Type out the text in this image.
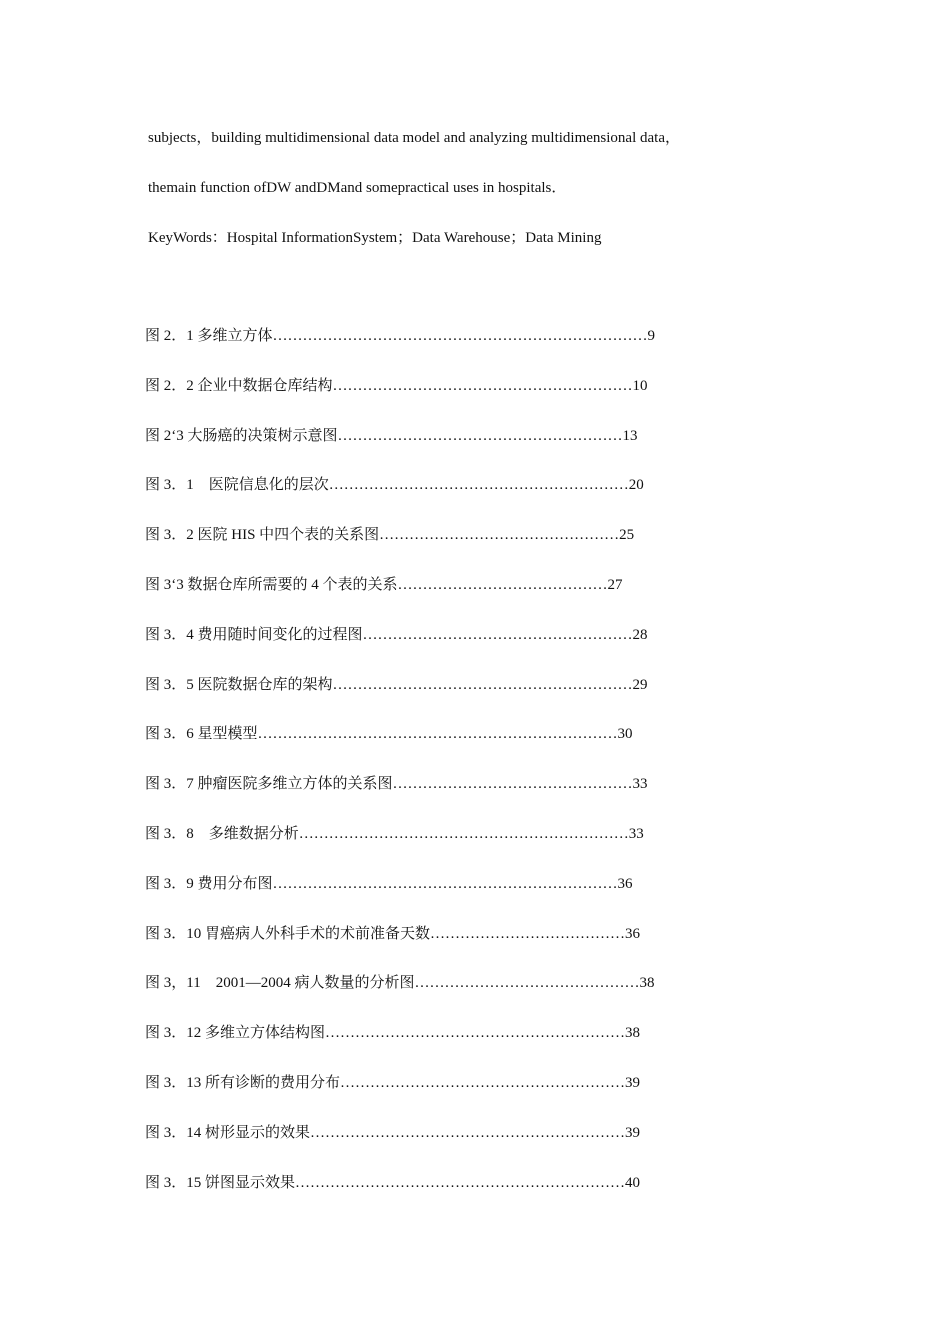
subjects，building multidimensional data model and analyzing multidimensional data，
themain function ofDW andDMand somepractical uses in hospitals．
KeyWords：Hospital InformationSystem；Data Warehouse；Data Mining
图 2．1 多维立方体…………………………………………………………………9
图 2．2 企业中数据仓库结构……………………………………………………10
图 2‘3 大肠癌的决策树示意图…………………………………………………13
图 3．1　医院信息化的层次……………………………………………………20
图 3．2 医院 HIS 中四个表的关系图…………………………………………25
图 3‘3 数据仓库所需要的 4 个表的关系……………………………………27
图 3．4 费用随时间变化的过程图………………………………………………28
图 3．5 医院数据仓库的架构……………………………………………………29
图 3．6 星型模型………………………………………………………………30
图 3．7 肿瘤医院多维立方体的关系图…………………………………………33
图 3．8　多维数据分析…………………………………………………………33
图 3．9 费用分布图……………………………………………………………36
图 3．10 胃癌病人外科手术的术前准备天数…………………………………36
图 3，11　2001—2004 病人数量的分析图………………………………………38
图 3．12 多维立方体结构图……………………………………………………38
图 3．13 所有诊断的费用分布…………………………………………………39
图 3．14 树形显示的效果………………………………………………………39
图 3．15 饼图显示效果…………………………………………………………40
